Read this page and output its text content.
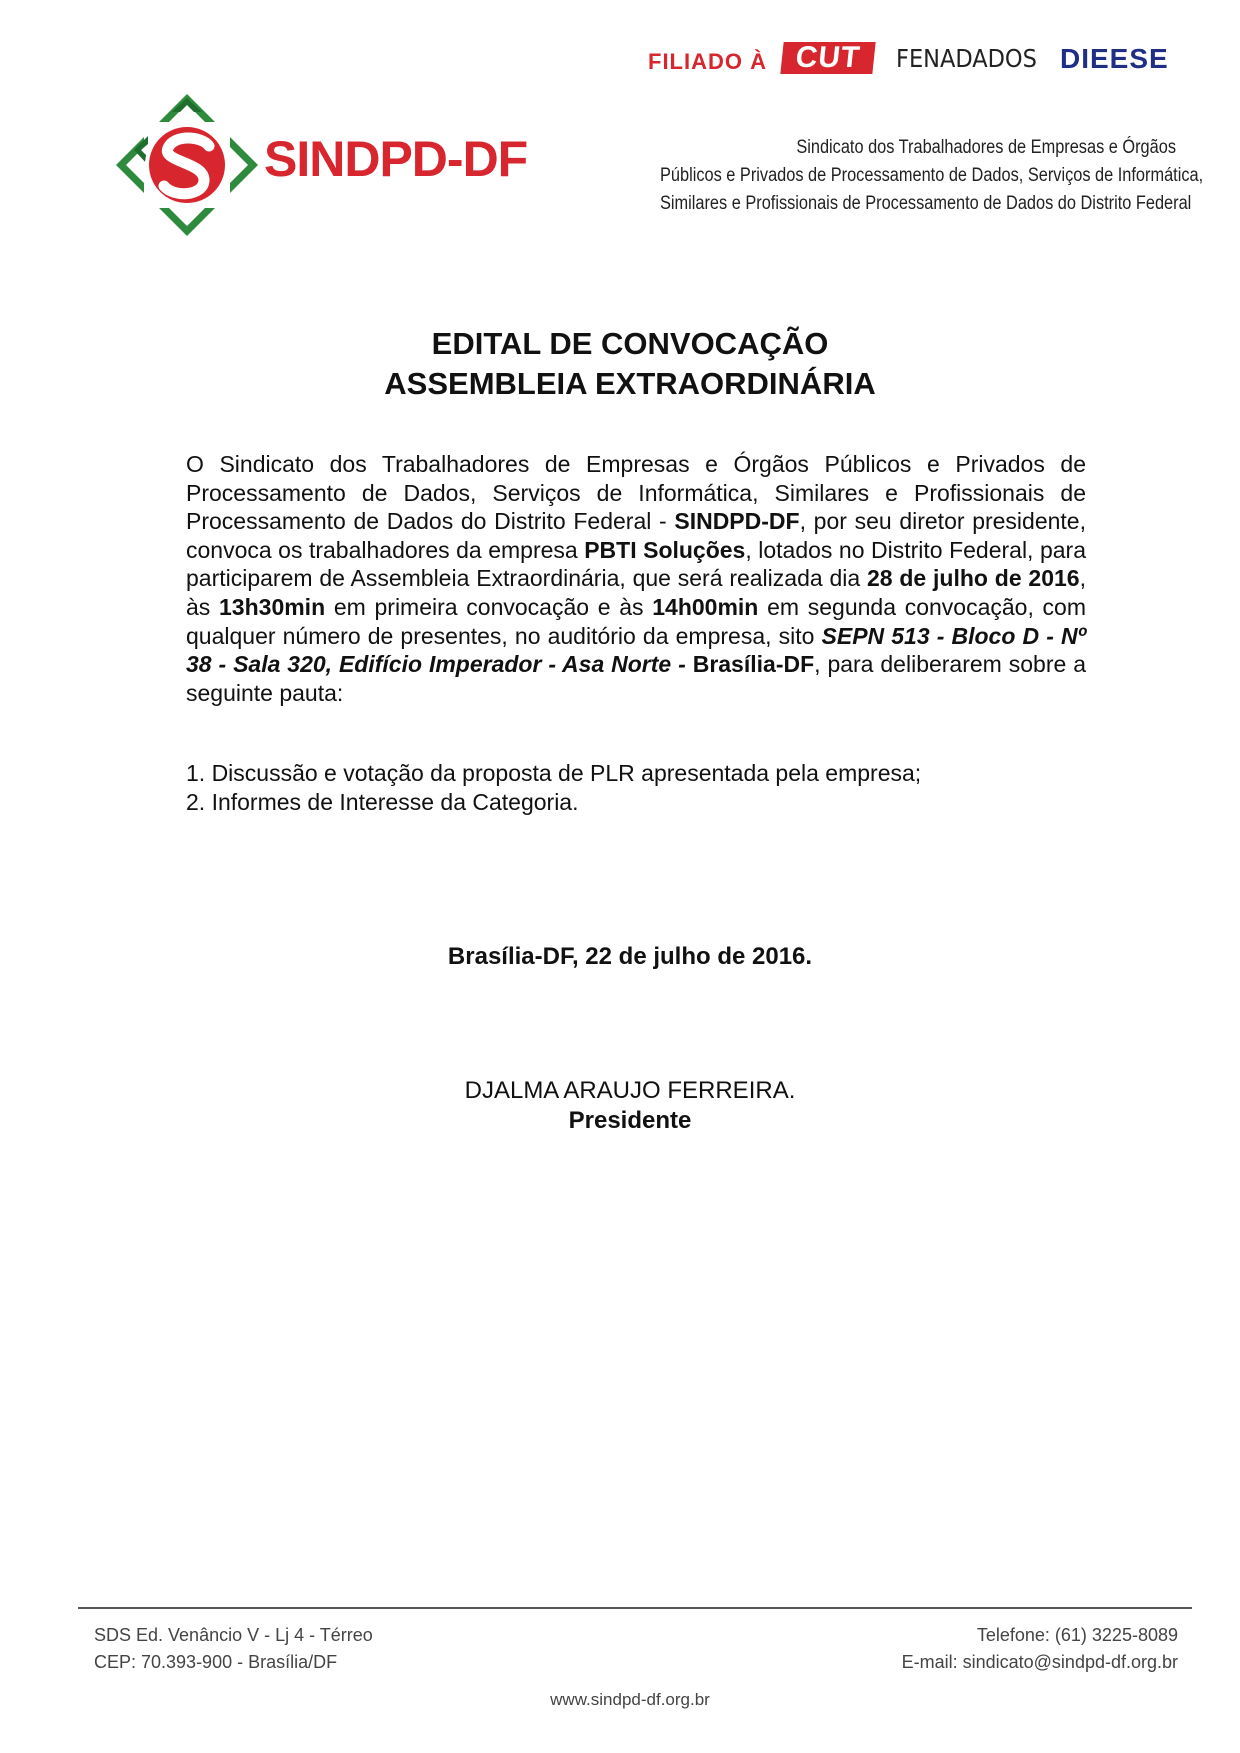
FILIADO À CUT	FENADADOS DIEESE
SINDPD-DF	Sindicato dos Trabalhadores de Empresas e Órgãos
Públicos e Privados de Processamento de Dados, Serviços de Informática,
Similares e Profissionais de Processamento de Dados do Distrito Federal
EDITAL DE CONVOCAÇÃO
ASSEMBLEIA EXTRAORDINÁRIA
O Sindicato dos Trabalhadores de Empresas e Órgãos Públicos e Privados de Processamento de Dados, Serviços de Informática, Similares e Profissionais de Processamento de Dados do Distrito Federal - SINDPD-DF, por seu diretor presidente, convoca os trabalhadores da empresa PBTI Soluções, lotados no Distrito Federal, para participarem de Assembleia Extraordinária, que será realizada dia 28 de julho de 2016, às 13h30min em primeira convocação e às 14h00min em segunda convocação, com qualquer número de presentes, no auditório da empresa, sito SEPN 513 - Bloco D - Nº 38 - Sala 320, Edifício Imperador - Asa Norte - Brasília-DF, para deliberarem sobre a seguinte pauta:
1. Discussão e votação da proposta de PLR apresentada pela empresa;
2. Informes de Interesse da Categoria.
Brasília-DF, 22 de julho de 2016.
DJALMA ARAUJO FERREIRA.
Presidente
SDS Ed. Venâncio V - Lj 4 - Térreo
CEP: 70.393-900 - Brasília/DF
Telefone: (61) 3225-8089
E-mail: sindicato@sindpd-df.org.br
www.sindpd-df.org.br
